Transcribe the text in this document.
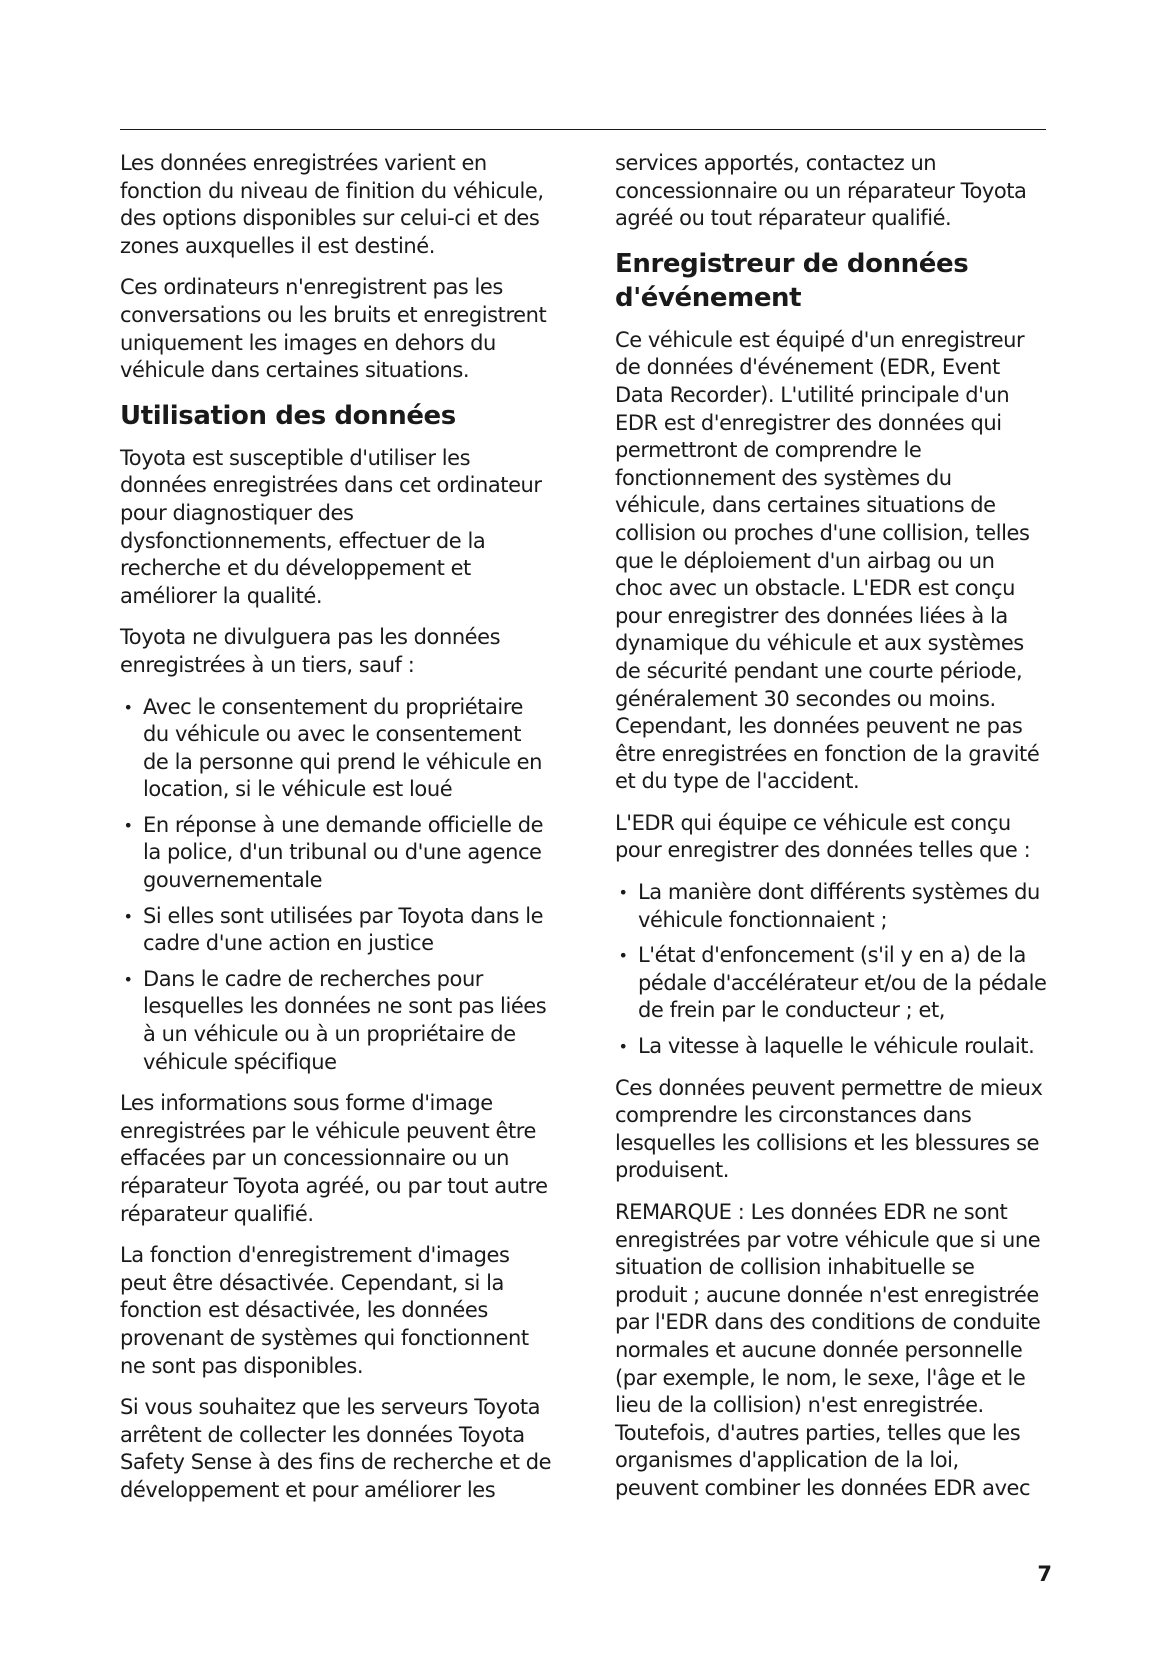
Les données enregistrées varient en fonction du niveau de finition du véhicule, des options disponibles sur celui-ci et des zones auxquelles il est destiné.

Ces ordinateurs n'enregistrent pas les conversations ou les bruits et enregistrent uniquement les images en dehors du véhicule dans certaines situations.

Utilisation des données

Toyota est susceptible d'utiliser les données enregistrées dans cet ordinateur pour diagnostiquer des dysfonctionnements, effectuer de la recherche et du développement et améliorer la qualité.

Toyota ne divulguera pas les données enregistrées à un tiers, sauf :

• Avec le consentement du propriétaire du véhicule ou avec le consentement de la personne qui prend le véhicule en location, si le véhicule est loué
• En réponse à une demande officielle de la police, d'un tribunal ou d'une agence gouvernementale
• Si elles sont utilisées par Toyota dans le cadre d'une action en justice
• Dans le cadre de recherches pour lesquelles les données ne sont pas liées à un véhicule ou à un propriétaire de véhicule spécifique

Les informations sous forme d'image enregistrées par le véhicule peuvent être effacées par un concessionnaire ou un réparateur Toyota agréé, ou par tout autre réparateur qualifié.

La fonction d'enregistrement d'images peut être désactivée. Cependant, si la fonction est désactivée, les données provenant de systèmes qui fonctionnent ne sont pas disponibles.

Si vous souhaitez que les serveurs Toyota arrêtent de collecter les données Toyota Safety Sense à des fins de recherche et de développement et pour améliorer les

services apportés, contactez un concessionnaire ou un réparateur Toyota agréé ou tout réparateur qualifié.

Enregistreur de données d'événement

Ce véhicule est équipé d'un enregistreur de données d'événement (EDR, Event Data Recorder). L'utilité principale d'un EDR est d'enregistrer des données qui permettront de comprendre le fonctionnement des systèmes du véhicule, dans certaines situations de collision ou proches d'une collision, telles que le déploiement d'un airbag ou un choc avec un obstacle. L'EDR est conçu pour enregistrer des données liées à la dynamique du véhicule et aux systèmes de sécurité pendant une courte période, généralement 30 secondes ou moins. Cependant, les données peuvent ne pas être enregistrées en fonction de la gravité et du type de l'accident.

L'EDR qui équipe ce véhicule est conçu pour enregistrer des données telles que :

• La manière dont différents systèmes du véhicule fonctionnaient ;
• L'état d'enfoncement (s'il y en a) de la pédale d'accélérateur et/ou de la pédale de frein par le conducteur ; et,
• La vitesse à laquelle le véhicule roulait.

Ces données peuvent permettre de mieux comprendre les circonstances dans lesquelles les collisions et les blessures se produisent.

REMARQUE : Les données EDR ne sont enregistrées par votre véhicule que si une situation de collision inhabituelle se produit ; aucune donnée n'est enregistrée par l'EDR dans des conditions de conduite normales et aucune donnée personnelle (par exemple, le nom, le sexe, l'âge et le lieu de la collision) n'est enregistrée. Toutefois, d'autres parties, telles que les organismes d'application de la loi, peuvent combiner les données EDR avec

7
